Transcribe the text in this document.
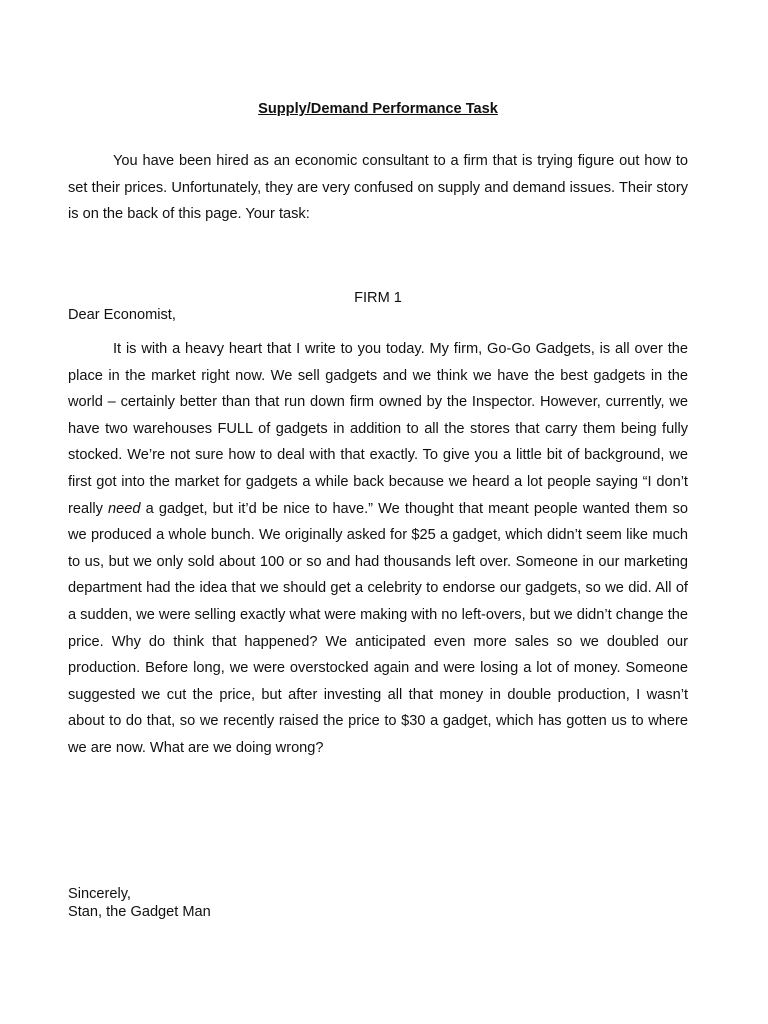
Supply/Demand Performance Task

You have been hired as an economic consultant to a firm that is trying figure out how to set their prices. Unfortunately, they are very confused on supply and demand issues. Their story is on the back of this page. Your task:

FIRM 1

Dear Economist,

It is with a heavy heart that I write to you today. My firm, Go-Go Gadgets, is all over the place in the market right now. We sell gadgets and we think we have the best gadgets in the world – certainly better than that run down firm owned by the Inspector. However, currently, we have two warehouses FULL of gadgets in addition to all the stores that carry them being fully stocked. We’re not sure how to deal with that exactly. To give you a little bit of background, we first got into the market for gadgets a while back because we heard a lot people saying “I don’t really need a gadget, but it’d be nice to have.” We thought that meant people wanted them so we produced a whole bunch. We originally asked for $25 a gadget, which didn’t seem like much to us, but we only sold about 100 or so and had thousands left over. Someone in our marketing department had the idea that we should get a celebrity to endorse our gadgets, so we did. All of a sudden, we were selling exactly what were making with no left-overs, but we didn’t change the price. Why do think that happened? We anticipated even more sales so we doubled our production. Before long, we were overstocked again and were losing a lot of money. Someone suggested we cut the price, but after investing all that money in double production, I wasn’t about to do that, so we recently raised the price to $30 a gadget, which has gotten us to where we are now. What are we doing wrong?

Sincerely,

Stan, the Gadget Man
